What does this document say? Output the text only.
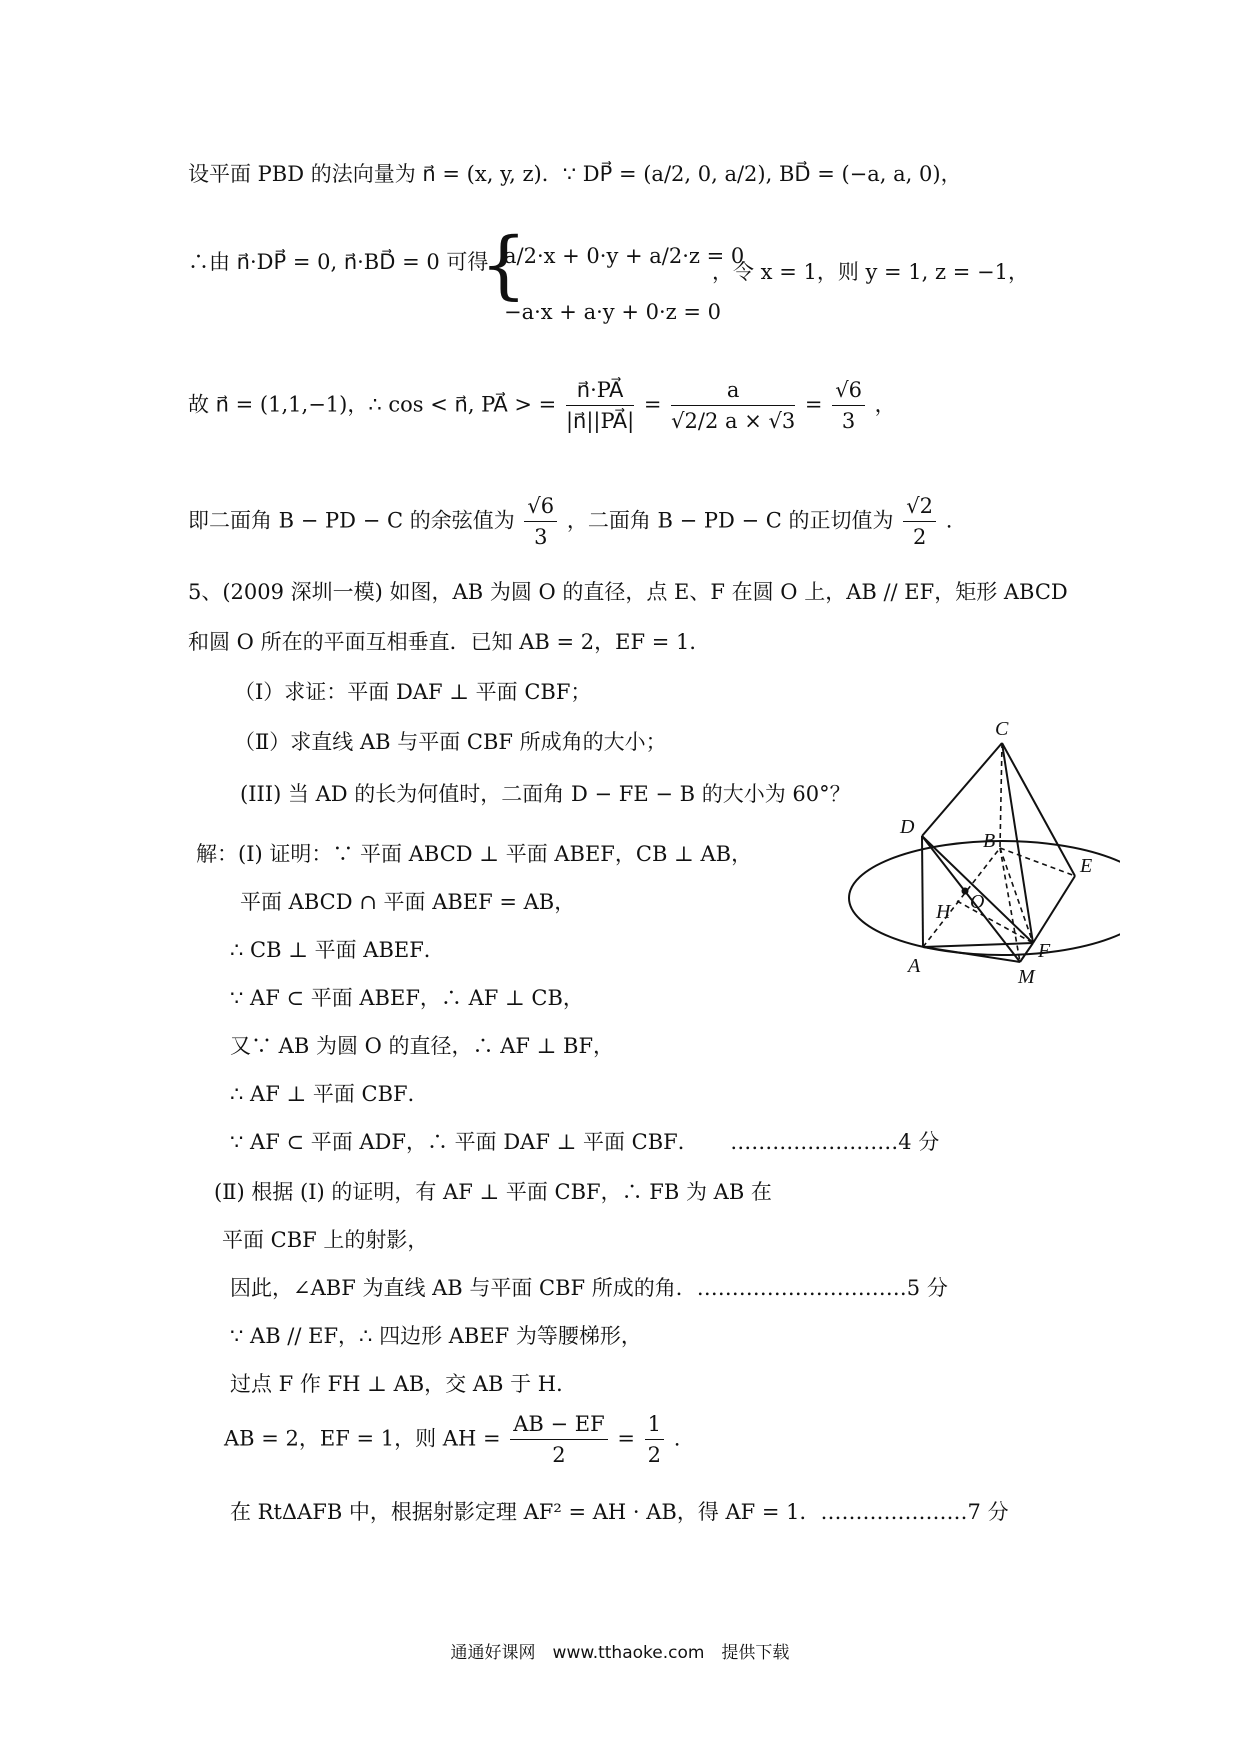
设平面 PBD 的法向量为 n⃗ = (x, y, z)．∵ DP⃗ = (a/2, 0, a/2), BD⃗ = (−a, a, 0)，
∴由 n⃗·DP⃗ = 0, n⃗·BD⃗ = 0 可得
{
a/2·x + 0·y + a/2·z = 0
−a·x + a·y + 0·z = 0
，令 x = 1，则 y = 1, z = −1，
故 n⃗ = (1,1,−1)，∴ cos < n⃗, PA⃗ > = $\frac{n⃗\cdot PA⃗}{|n⃗||PA⃗|} = \frac{a}{√2/2 a \times √3} = \frac{√6}{3}$ ，
即二面角 B − PD − C 的余弦值为 $\frac{√6}{3}$ ，二面角 B − PD − C 的正切值为 $\frac{√2}{2}$ .
5、(2009 深圳一模) 如图，AB 为圆 O 的直径，点 E、F 在圆 O 上，AB // EF，矩形 ABCD
和圆 O 所在的平面互相垂直．已知 AB = 2，EF = 1．
（Ⅰ）求证：平面 DAF ⊥ 平面 CBF；
（Ⅱ）求直线 AB 与平面 CBF 所成角的大小；
(III) 当 AD 的长为何值时，二面角 D − FE − B 的大小为 60°？
解：(Ⅰ) 证明：∵ 平面 ABCD ⊥ 平面 ABEF，CB ⊥ AB，
平面 ABCD ∩ 平面 ABEF = AB，
∴ CB ⊥ 平面 ABEF．
∵ AF ⊂ 平面 ABEF，∴ AF ⊥ CB，
又∵ AB 为圆 O 的直径，∴ AF ⊥ BF，
∴ AF ⊥ 平面 CBF．
∵ AF ⊂ 平面 ADF，∴ 平面 DAF ⊥ 平面 CBF．　　……………………4 分
(Ⅱ) 根据 (Ⅰ) 的证明，有 AF ⊥ 平面 CBF，∴ FB 为 AB 在
平面 CBF 上的射影，
因此，∠ABF 为直线 AB 与平面 CBF 所成的角．…………………………5 分
∵ AB // EF，∴ 四边形 ABEF 为等腰梯形，
过点 F 作 FH ⊥ AB，交 AB 于 H．
AB = 2，EF = 1，则 AH = $\frac{AB - EF}{2} = \frac{1}{2}$ .
在 RtΔAFB 中，根据射影定理 AF² = AH · AB，得 AF = 1．…………………7 分
C
D
B
E
O
H
A
F
M
通通好课网　www.tthaoke.com　提供下载
